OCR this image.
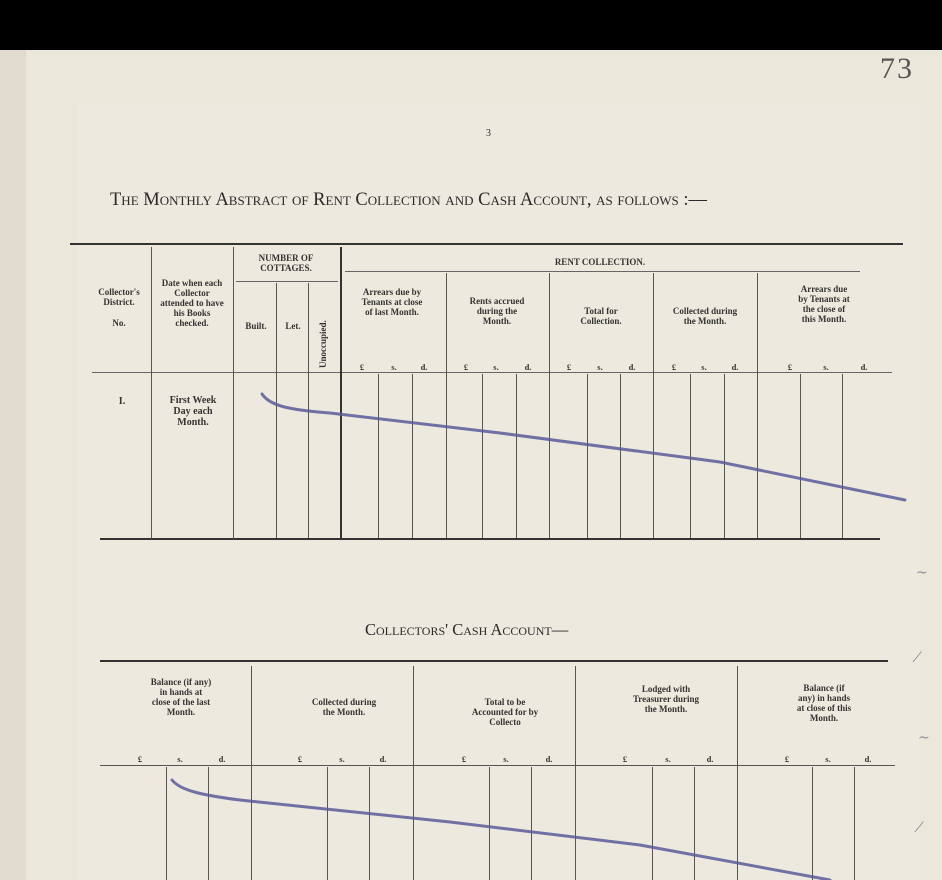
73
3
The Monthly Abstract of Rent Collection and Cash Account, as follows :—
Collector's District.
No.
Date when each Collector attended to have his Books checked.
NUMBER OF COTTAGES.
Built.	Let.	Unoccupied.
RENT COLLECTION.
Arrears due by Tenants at close of last Month.
Rents accrued during the Month.
Total for Collection.
Collected during the Month.
Arrears due by Tenants at the close of this Month.
£	s.	d.	£	s.	d.	£	s.	d.	£	s.	d.	£	s.	d.
I.	First Week Day each Month.
Collectors' Cash Account—
Balance (if any) in hands at close of the last Month.
Collected during the Month.
Total to be Accounted for by Collecto
Lodged with Treasurer during the Month.
Balance (if any) in hands at close of this Month.
£	s.	d.	£	s.	d.	£	s.	d.	£	s.	d.	£	s.	d.
~
⁄
~
⁄
